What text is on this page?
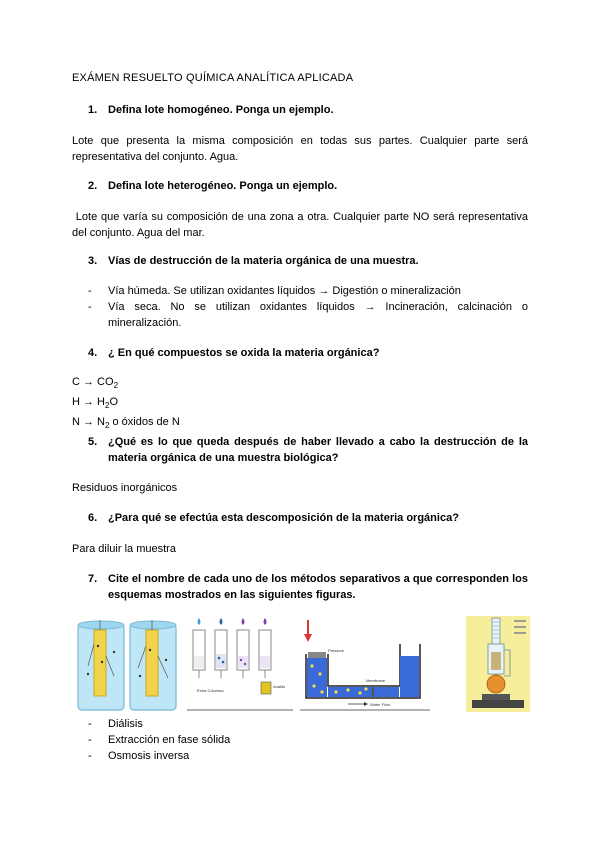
EXÁMEN RESUELTO QUÍMICA ANALÍTICA APLICADA
1. Defina lote homogéneo. Ponga un ejemplo.
Lote que presenta la misma composición en todas sus partes. Cualquier parte será representativa del conjunto. Agua.
2. Defina lote heterogéneo. Ponga un ejemplo.
Lote que varía su composición de una zona a otra. Cualquier parte NO será representativa del conjunto. Agua del mar.
3. Vías de destrucción de la materia orgánica de una muestra.
- Vía húmeda. Se utilizan oxidantes líquidos → Digestión o mineralización
- Vía seca. No se utilizan oxidantes líquidos → Incineración, calcinación o mineralización.
4. ¿ En qué compuestos se oxida la materia orgánica?
$C \to CO_2$
$H \to H_2O$
$N \to N_2$ o óxidos de N
5. ¿Qué es lo que queda después de haber llevado a cabo la destrucción de la materia orgánica de una muestra biológica?
Residuos inorgánicos
6. ¿Para qué se efectúa esta descomposición de la materia orgánica?
Para diluir la muestra
7. Cite el nombre de cada uno de los métodos separativos a que corresponden los esquemas mostrados en las siguientes figuras.
Extra Columna
Analito
Pressure
Membrane
Water Flow
- Diálisis
- Extracción en fase sólida
- Osmosis inversa
